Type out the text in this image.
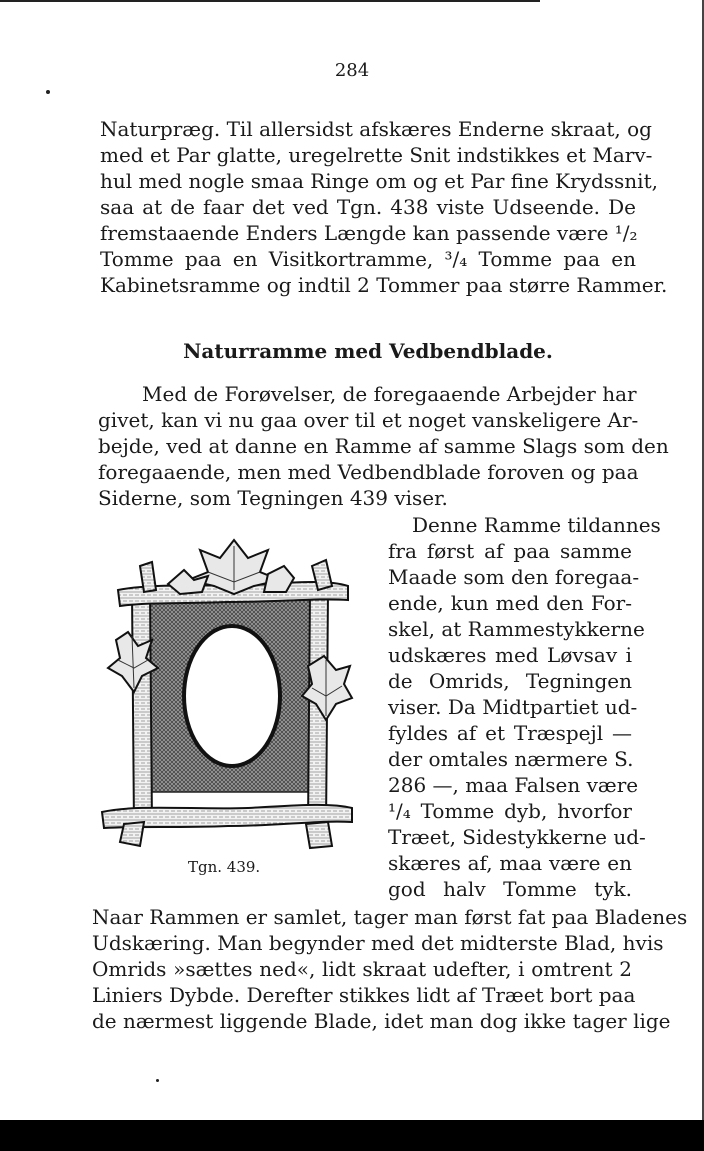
284
Naturpræg. Til allersidst afskæres Enderne skraat, og
med et Par glatte, uregelrette Snit indstikkes et Marv-
hul med nogle smaa Ringe om og et Par fine Krydssnit,
saa at de faar det ved Tgn. 438 viste Udseende. De
fremstaaende Enders Længde kan passende være ¹/₂
Tomme paa en Visitkortramme, ³/₄ Tomme paa en
Kabinetsramme og indtil 2 Tommer paa større Rammer.
Naturramme med Vedbendblade.
Med de Forøvelser, de foregaaende Arbejder har
givet, kan vi nu gaa over til et noget vanskeligere Ar-
bejde, ved at danne en Ramme af samme Slags som den
foregaaende, men med Vedbendblade foroven og paa
Siderne, som Tegningen 439 viser.
Denne Ramme tildannes
fra først af paa samme
Maade som den foregaa-
ende, kun med den For-
skel, at Rammestykkerne
udskæres med Løvsav i
de Omrids, Tegningen
viser. Da Midtpartiet ud-
fyldes af et Træspejl —
der omtales nærmere S.
286 —, maa Falsen være
¹/₄ Tomme dyb, hvorfor
Træet, Sidestykkerne ud-
skæres af, maa være en
god halv Tomme tyk.
Tgn. 439.
Naar Rammen er samlet, tager man først fat paa Bladenes
Udskæring. Man begynder med det midterste Blad, hvis
Omrids »sættes ned«, lidt skraat udefter, i omtrent 2
Liniers Dybde. Derefter stikkes lidt af Træet bort paa
de nærmest liggende Blade, idet man dog ikke tager lige
